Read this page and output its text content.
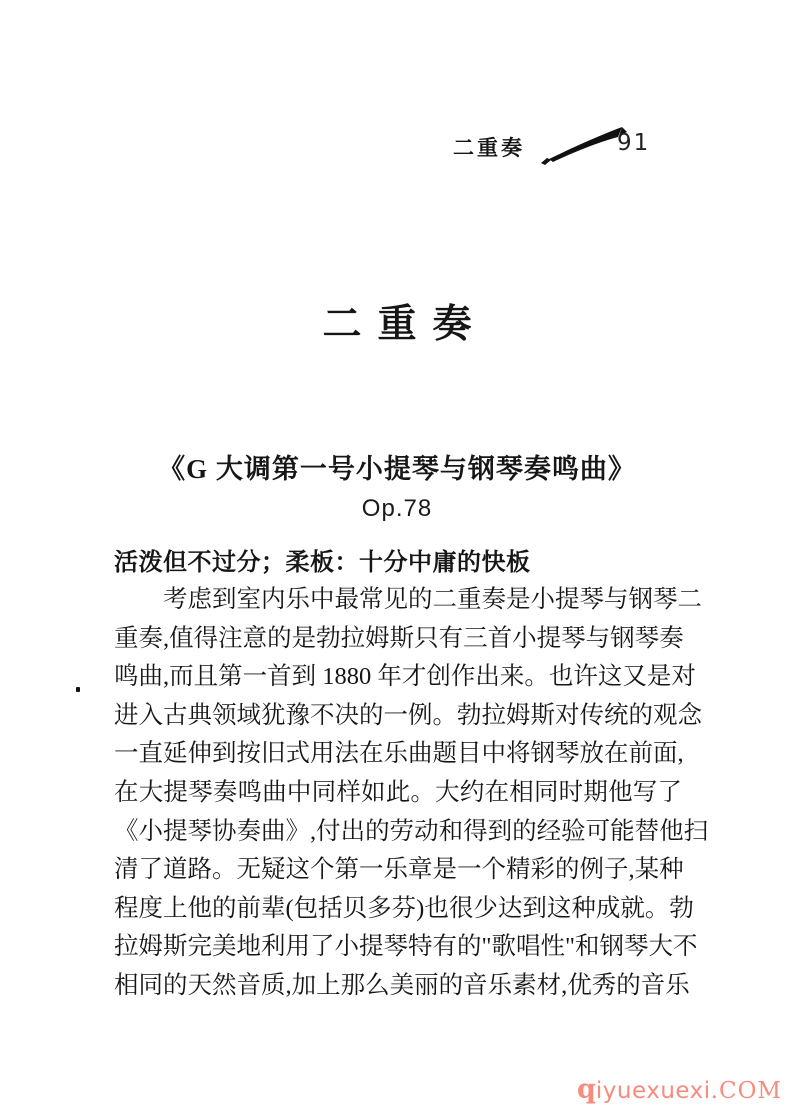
二重奏	91
二重奏
《G 大调第一号小提琴与钢琴奏鸣曲》
Op.78
活泼但不过分；柔板：十分中庸的快板
考虑到室内乐中最常见的二重奏是小提琴与钢琴二
重奏,值得注意的是勃拉姆斯只有三首小提琴与钢琴奏
鸣曲,而且第一首到 1880 年才创作出来。也许这又是对
进入古典领域犹豫不决的一例。勃拉姆斯对传统的观念
一直延伸到按旧式用法在乐曲题目中将钢琴放在前面,
在大提琴奏鸣曲中同样如此。大约在相同时期他写了
《小提琴协奏曲》,付出的劳动和得到的经验可能替他扫
清了道路。无疑这个第一乐章是一个精彩的例子,某种
程度上他的前辈(包括贝多芬)也很少达到这种成就。勃
拉姆斯完美地利用了小提琴特有的"歌唱性"和钢琴大不
相同的天然音质,加上那么美丽的音乐素材,优秀的音乐
qiyuexuexi.COM
